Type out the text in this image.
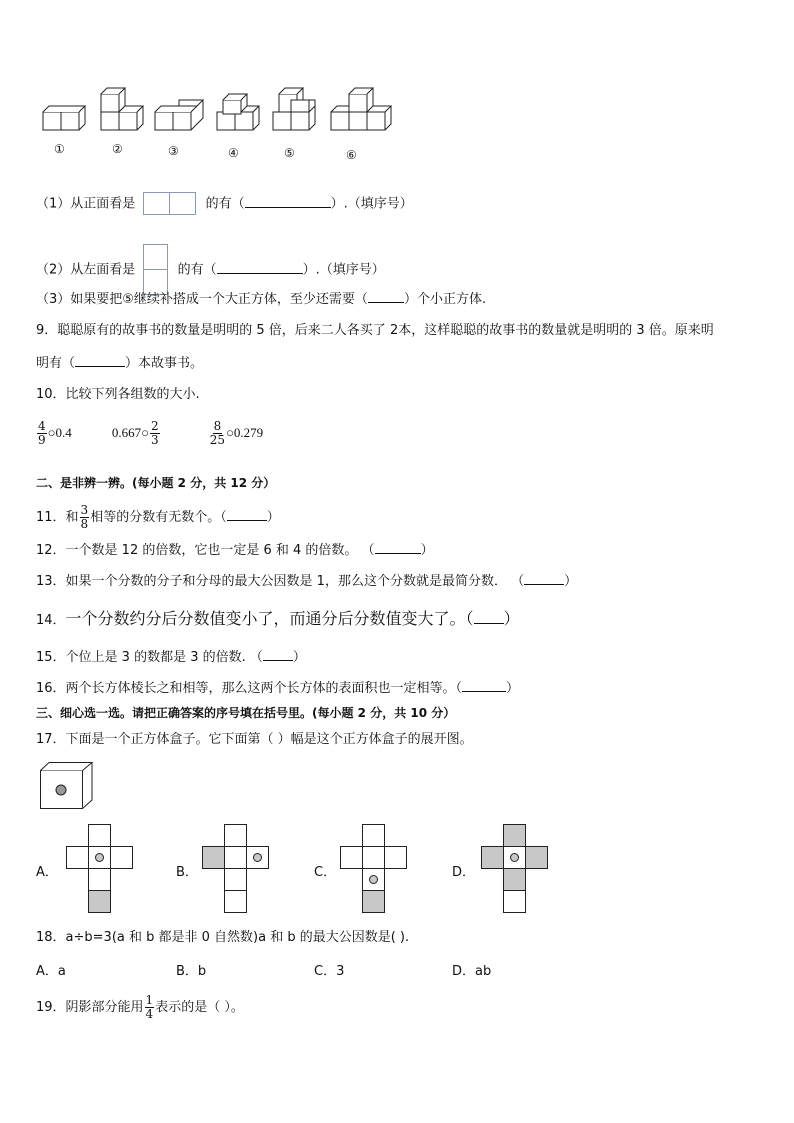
①	②	③	④	⑤	⑥
（1）从正面看是	的有（	）.（填序号）
（2）从左面看是	的有（	）.（填序号）
（3）如果要把⑤继续补搭成一个大正方体，至少还需要（	）个小正方体.
9．聪聪原有的故事书的数量是明明的 5 倍，后来二人各买了 2本，这样聪聪的故事书的数量就是明明的 3 倍。原来明
明有（	）本故事书。
10．比较下列各组数的大小.
$\frac{4}{9}$ ○0.4	0.667○ $\frac{2}{3}$
	$\frac{8}{25}$ ○0.279
二、是非辨一辨。(每小题 2 分，共 12 分）
11．和 $\frac{3}{8}$ 相等的分数有无数个。（	）
12．一个数是 12 的倍数，它也一定是 6 和 4 的倍数。 （	）
13．如果一个分数的分子和分母的最大公因数是 1，那么这个分数就是最简分数． （	）
14．一个分数约分后分数值变小了，而通分后分数值变大了。（ ）
15．个位上是 3 的数都是 3 的倍数. （ ）
16．两个长方体棱长之和相等，那么这两个长方体的表面积也一定相等。（	）
三、细心选一选。请把正确答案的序号填在括号里。(每小题 2 分，共 10 分）
17．下面是一个正方体盒子。它下面第（ ）幅是这个正方体盒子的展开图。
A．	B．	C．	D．
18．a÷b=3(a 和 b 都是非 0 自然数)a 和 b 的最大公因数是( ).
A．a	B．b	C．3	D．ab
19．阴影部分能用 $\frac{1}{4}$ 表示的是（ ）。
